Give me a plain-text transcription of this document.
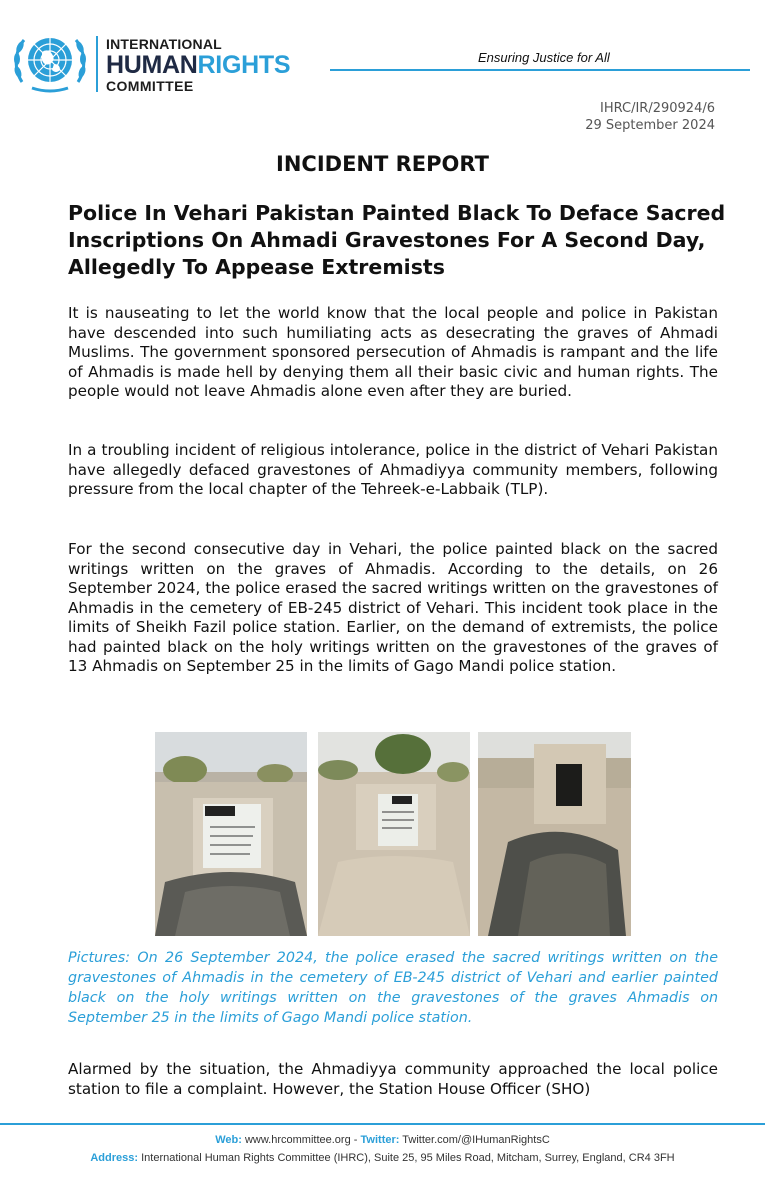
INTERNATIONAL
HUMANRIGHTS
COMMITTEE
Ensuring Justice for All
IHRC/IR/290924/6
29 September 2024
INCIDENT REPORT
Police In Vehari Pakistan Painted Black To Deface Sacred Inscriptions On Ahmadi Gravestones For A Second Day, Allegedly To Appease Extremists
It is nauseating to let the world know that the local people and police in Pakistan have descended into such humiliating acts as desecrating the graves of Ahmadi Muslims. The government sponsored persecution of Ahmadis is rampant and the life of Ahmadis is made hell by denying them all their basic civic and human rights. The people would not leave Ahmadis alone even after they are buried.
In a troubling incident of religious intolerance, police in the district of Vehari Pakistan have allegedly defaced gravestones of Ahmadiyya community members, following pressure from the local chapter of the Tehreek-e-Labbaik (TLP).
For the second consecutive day in Vehari, the police painted black on the sacred writings written on the graves of Ahmadis. According to the details, on 26 September 2024, the police erased the sacred writings written on the gravestones of Ahmadis in the cemetery of EB-245 district of Vehari. This incident took place in the limits of Sheikh Fazil police station. Earlier, on the demand of extremists, the police had painted black on the holy writings written on the gravestones of the graves of 13 Ahmadis on September 25 in the limits of Gago Mandi police station.
Pictures: On 26 September 2024, the police erased the sacred writings written on the gravestones of Ahmadis in the cemetery of EB-245 district of Vehari and earlier painted black on the holy writings written on the gravestones of the graves Ahmadis on September 25 in the limits of Gago Mandi police station.
Alarmed by the situation, the Ahmadiyya community approached the local police station to file a complaint. However, the Station House Officer (SHO)
Web: www.hrcommittee.org - Twitter: Twitter.com/@IHumanRightsC
Address: International Human Rights Committee (IHRC), Suite 25, 95 Miles Road, Mitcham, Surrey, England, CR4 3FH
